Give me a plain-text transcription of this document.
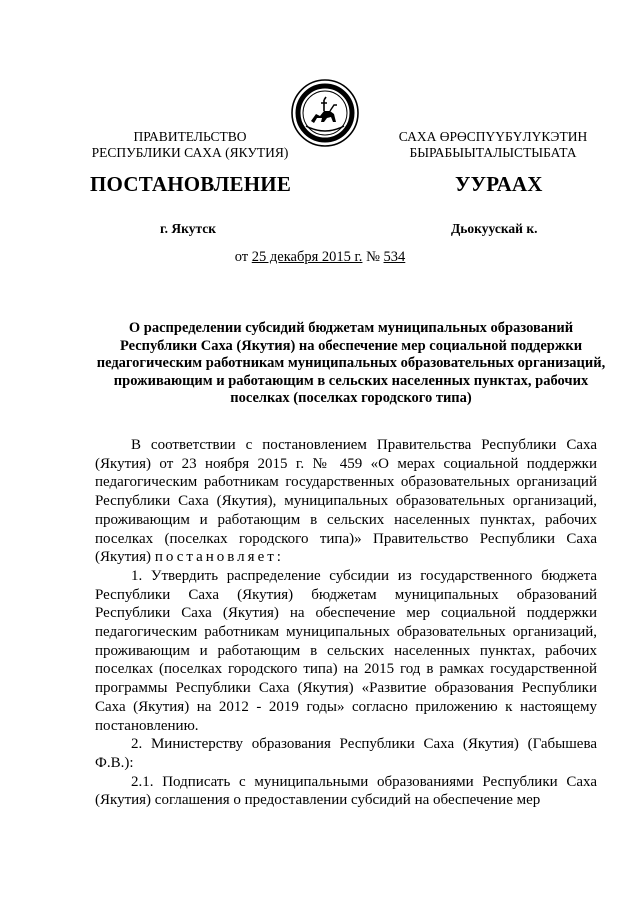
ПРАВИТЕЛЬСТВО
РЕСПУБЛИКИ САХА (ЯКУТИЯ)
САХА ӨРӨСПҮҮБҮЛҮКЭТИН
БЫРАБЫЫТАЛЫСТЫБАТА
ПОСТАНОВЛЕНИЕ	УУРААХ
г. Якутск	Дьокуускай к.
от 25 декабря 2015 г. № 534
О распределении субсидий бюджетам муниципальных образований Республики Саха (Якутия) на обеспечение мер социальной поддержки педагогическим работникам муниципальных образовательных организаций, проживающим и работающим в сельских населенных пунктах, рабочих поселках (поселках городского типа)

В соответствии с постановлением Правительства Республики Саха (Якутия) от 23 ноября 2015 г. № 459 «О мерах социальной поддержки педагогическим работникам государственных образовательных организаций Республики Саха (Якутия), муниципальных образовательных организаций, проживающим и работающим в сельских населенных пунктах, рабочих поселках (поселках городского типа)» Правительство Республики Саха (Якутия) постановляет:

1. Утвердить распределение субсидии из государственного бюджета Республики Саха (Якутия) бюджетам муниципальных образований Республики Саха (Якутия) на обеспечение мер социальной поддержки педагогическим работникам муниципальных образовательных организаций, проживающим и работающим в сельских населенных пунктах, рабочих поселках (поселках городского типа) на 2015 год в рамках государственной программы Республики Саха (Якутия) «Развитие образования Республики Саха (Якутия) на 2012 - 2019 годы» согласно приложению к настоящему постановлению.

2. Министерству образования Республики Саха (Якутия) (Габышева Ф.В.):

2.1. Подписать с муниципальными образованиями Республики Саха (Якутия) соглашения о предоставлении субсидий на обеспечение мер
